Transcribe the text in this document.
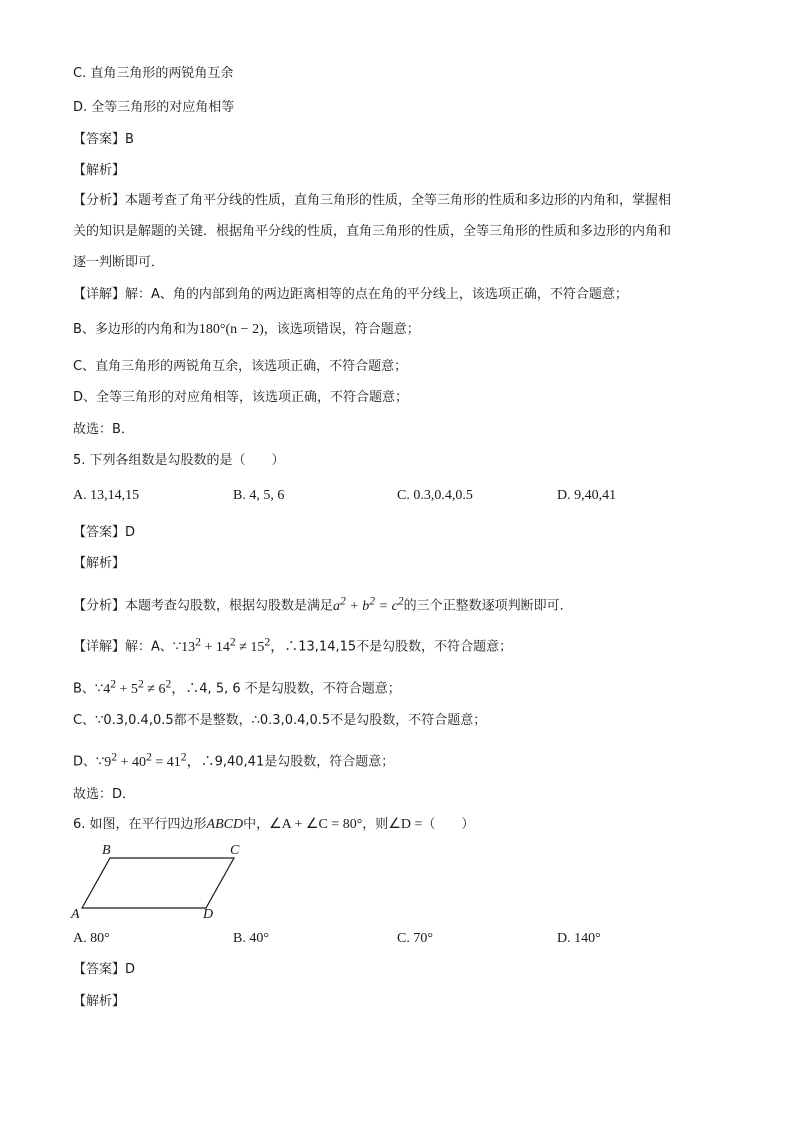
C. 直角三角形的两锐角互余
D. 全等三角形的对应角相等
【答案】B
【解析】
【分析】本题考查了角平分线的性质，直角三角形的性质，全等三角形的性质和多边形的内角和，掌握相
关的知识是解题的关键．根据角平分线的性质，直角三角形的性质，全等三角形的性质和多边形的内角和
逐一判断即可．
【详解】解：A、角的内部到角的两边距离相等的点在角的平分线上，该选项正确，不符合题意；
B、多边形的内角和为180°(n − 2)，该选项错误，符合题意；
C、直角三角形的两锐角互余，该选项正确，不符合题意；
D、全等三角形的对应角相等，该选项正确，不符合题意；
故选：B．
5. 下列各组数是勾股数的是（　　）
A. 13,14,15	B. 4, 5, 6	C. 0.3,0.4,0.5	D. 9,40,41
【答案】D
【解析】
【分析】本题考查勾股数，根据勾股数是满足$a^2 + b^2 = c^2$的三个正整数逐项判断即可．
【详解】解：A、$\because 13^2 + 14^2 \ne 15^2$，∴13,14,15不是勾股数，不符合题意；
B、$\because 4^2 + 5^2 \ne 6^2$，∴4, 5, 6 不是勾股数，不符合题意；
C、∵0.3,0.4,0.5都不是整数，∴0.3,0.4,0.5不是勾股数，不符合题意；
D、$\because 9^2 + 40^2 = 41^2$，∴9,40,41是勾股数，符合题意；
故选：D．
6. 如图，在平行四边形ABCD中，∠A + ∠C = 80°，则∠D =（　　）
B	C
A	D
A. 80°	B. 40°	C. 70°	D. 140°
【答案】D
【解析】
